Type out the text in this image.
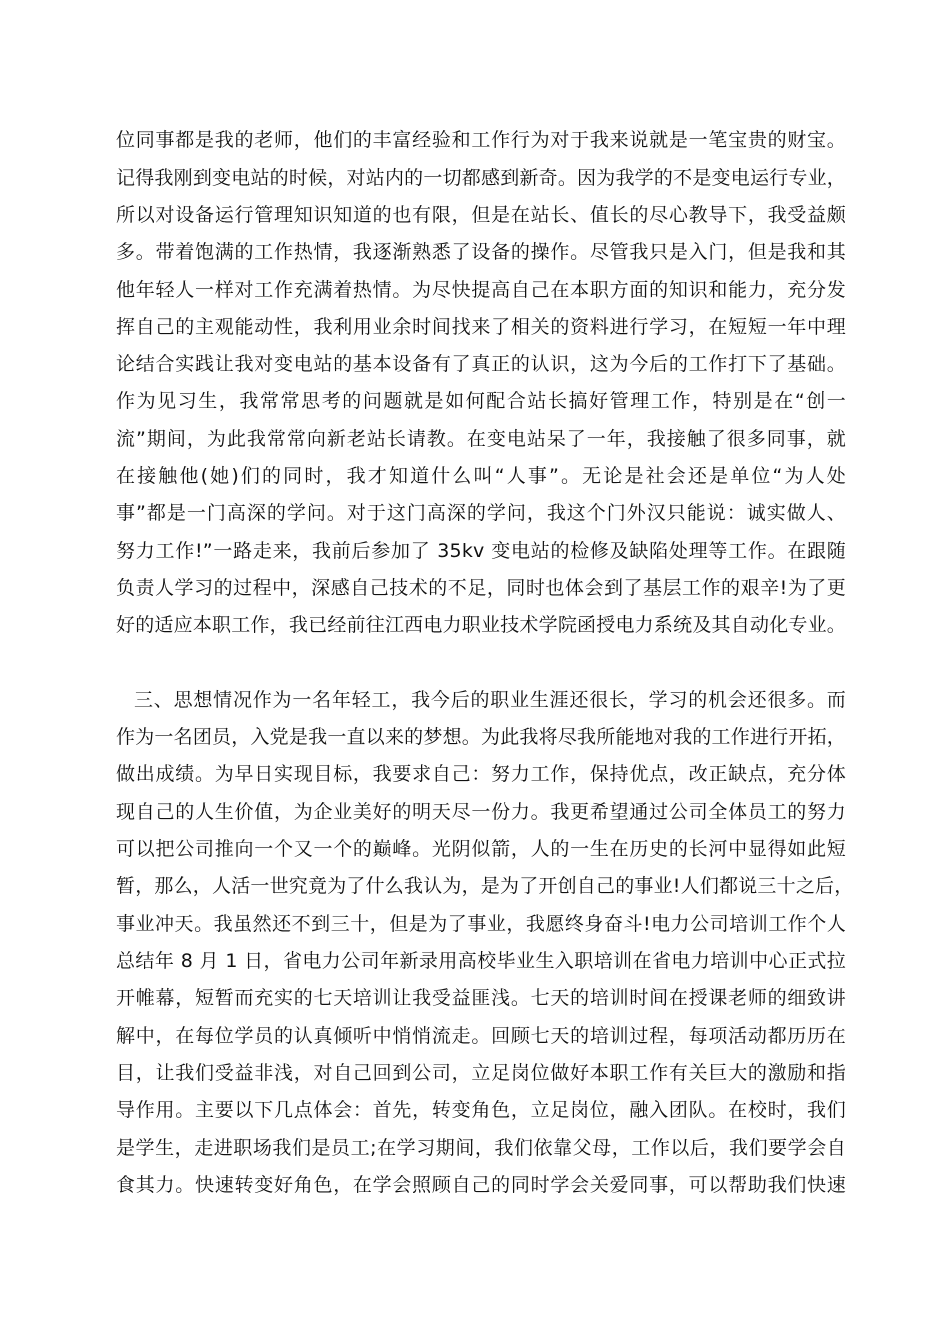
位同事都是我的老师，他们的丰富经验和工作行为对于我来说就是一笔宝贵的财宝。
记得我刚到变电站的时候，对站内的一切都感到新奇。因为我学的不是变电运行专业，
所以对设备运行管理知识知道的也有限，但是在站长、值长的尽心教导下，我受益颇
多。带着饱满的工作热情，我逐渐熟悉了设备的操作。尽管我只是入门，但是我和其
他年轻人一样对工作充满着热情。为尽快提高自己在本职方面的知识和能力，充分发
挥自己的主观能动性，我利用业余时间找来了相关的资料进行学习，在短短一年中理
论结合实践让我对变电站的基本设备有了真正的认识，这为今后的工作打下了基础。
作为见习生，我常常思考的问题就是如何配合站长搞好管理工作，特别是在“创一
流”期间，为此我常常向新老站长请教。在变电站呆了一年，我接触了很多同事，就
在接触他(她)们的同时，我才知道什么叫“人事”。无论是社会还是单位“为人处
事”都是一门高深的学问。对于这门高深的学问，我这个门外汉只能说：诚实做人、
努力工作!”一路走来，我前后参加了 35kv 变电站的检修及缺陷处理等工作。在跟随
负责人学习的过程中，深感自己技术的不足，同时也体会到了基层工作的艰辛!为了更
好的适应本职工作，我已经前往江西电力职业技术学院函授电力系统及其自动化专业。
三、思想情况作为一名年轻工，我今后的职业生涯还很长，学习的机会还很多。而
作为一名团员，入党是我一直以来的梦想。为此我将尽我所能地对我的工作进行开拓，
做出成绩。为早日实现目标，我要求自己：努力工作，保持优点，改正缺点，充分体
现自己的人生价值，为企业美好的明天尽一份力。我更希望通过公司全体员工的努力
可以把公司推向一个又一个的巅峰。光阴似箭，人的一生在历史的长河中显得如此短
暂，那么，人活一世究竟为了什么我认为，是为了开创自己的事业!人们都说三十之后，
事业冲天。我虽然还不到三十，但是为了事业，我愿终身奋斗!电力公司培训工作个人
总结年 8 月 1 日，省电力公司年新录用高校毕业生入职培训在省电力培训中心正式拉
开帷幕，短暂而充实的七天培训让我受益匪浅。七天的培训时间在授课老师的细致讲
解中，在每位学员的认真倾听中悄悄流走。回顾七天的培训过程，每项活动都历历在
目，让我们受益非浅，对自己回到公司，立足岗位做好本职工作有关巨大的激励和指
导作用。主要以下几点体会：首先，转变角色，立足岗位，融入团队。在校时，我们
是学生，走进职场我们是员工;在学习期间，我们依靠父母，工作以后，我们要学会自
食其力。快速转变好角色，在学会照顾自己的同时学会关爱同事，可以帮助我们快速
